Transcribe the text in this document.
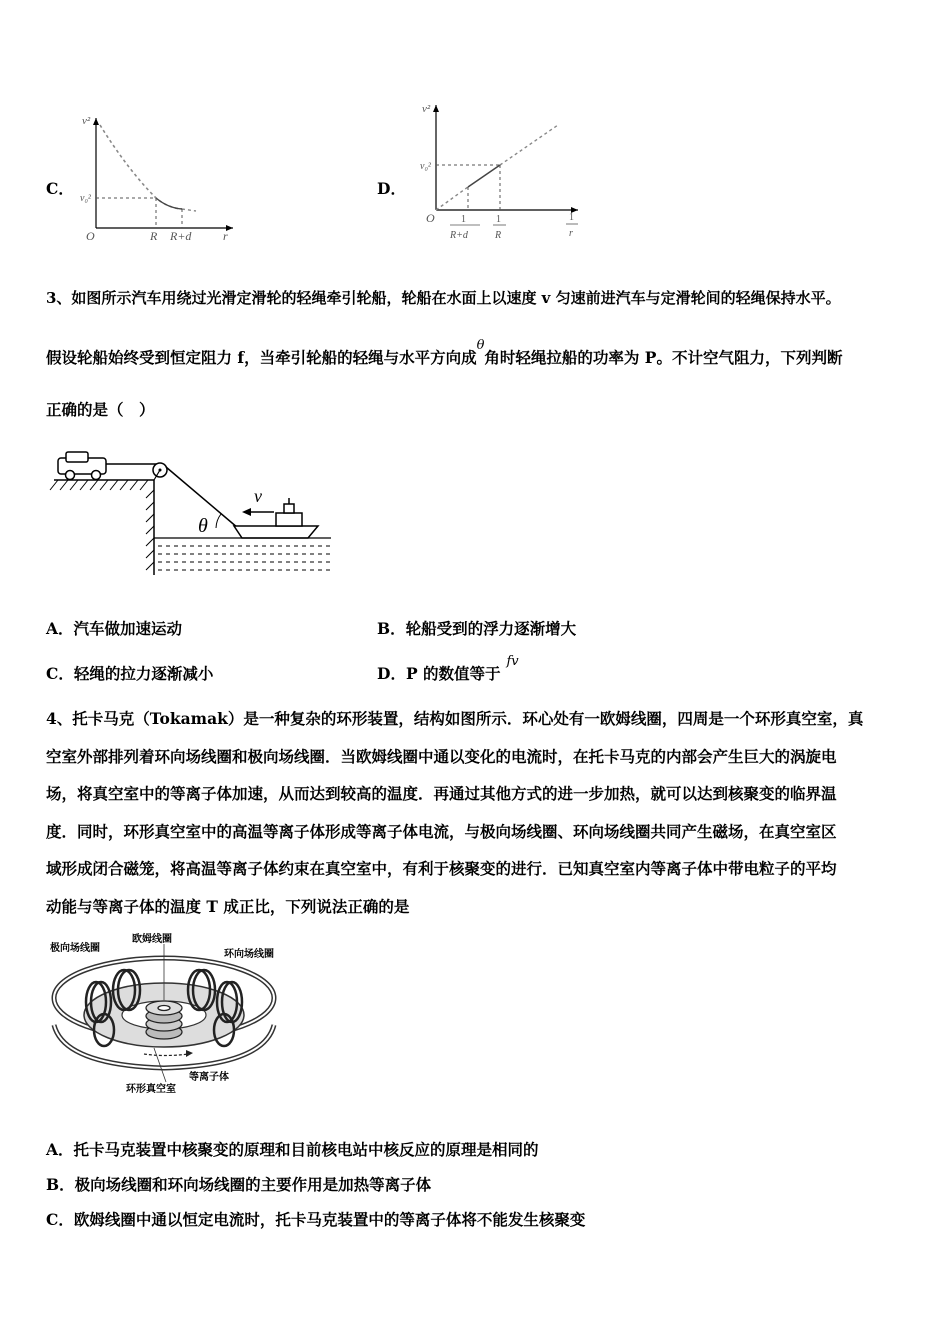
C．
v²
v₀²
O	R R+d	r
D．
v²
v₀²
O	1
R+d
1
R
1
r
3、如图所示汽车用绕过光滑定滑轮的轻绳牵引轮船，轮船在水面上以速度 v 匀速前进汽车与定滑轮间的轻绳保持水平。
假设轮船始终受到恒定阻力 f，当牵引轮船的轻绳与水平方向成$^\theta$角时轻绳拉船的功率为 P。不计空气阻力，下列判断
正确的是（　）
θ
v
A．汽车做加速运动	B．轮船受到的浮力逐渐增大
C．轻绳的拉力逐渐减小	D．P 的数值等于$^{fv}$
4、托卡马克（Tokamak）是一种复杂的环形装置，结构如图所示．环心处有一欧姆线圈，四周是一个环形真空室，真
空室外部排列着环向场线圈和极向场线圈．当欧姆线圈中通以变化的电流时，在托卡马克的内部会产生巨大的涡旋电
场，将真空室中的等离子体加速，从而达到较高的温度．再通过其他方式的进一步加热，就可以达到核聚变的临界温
度．同时，环形真空室中的高温等离子体形成等离子体电流，与极向场线圈、环向场线圈共同产生磁场，在真空室区
域形成闭合磁笼，将高温等离子体约束在真空室中，有利于核聚变的进行．已知真空室内等离子体中带电粒子的平均
动能与等离子体的温度 T 成正比，下列说法正确的是
极向场线圈
欧姆线圈
环向场线圈
等离子体
环形真空室
A．托卡马克装置中核聚变的原理和目前核电站中核反应的原理是相同的
B．极向场线圈和环向场线圈的主要作用是加热等离子体
C．欧姆线圈中通以恒定电流时，托卡马克装置中的等离子体将不能发生核聚变
